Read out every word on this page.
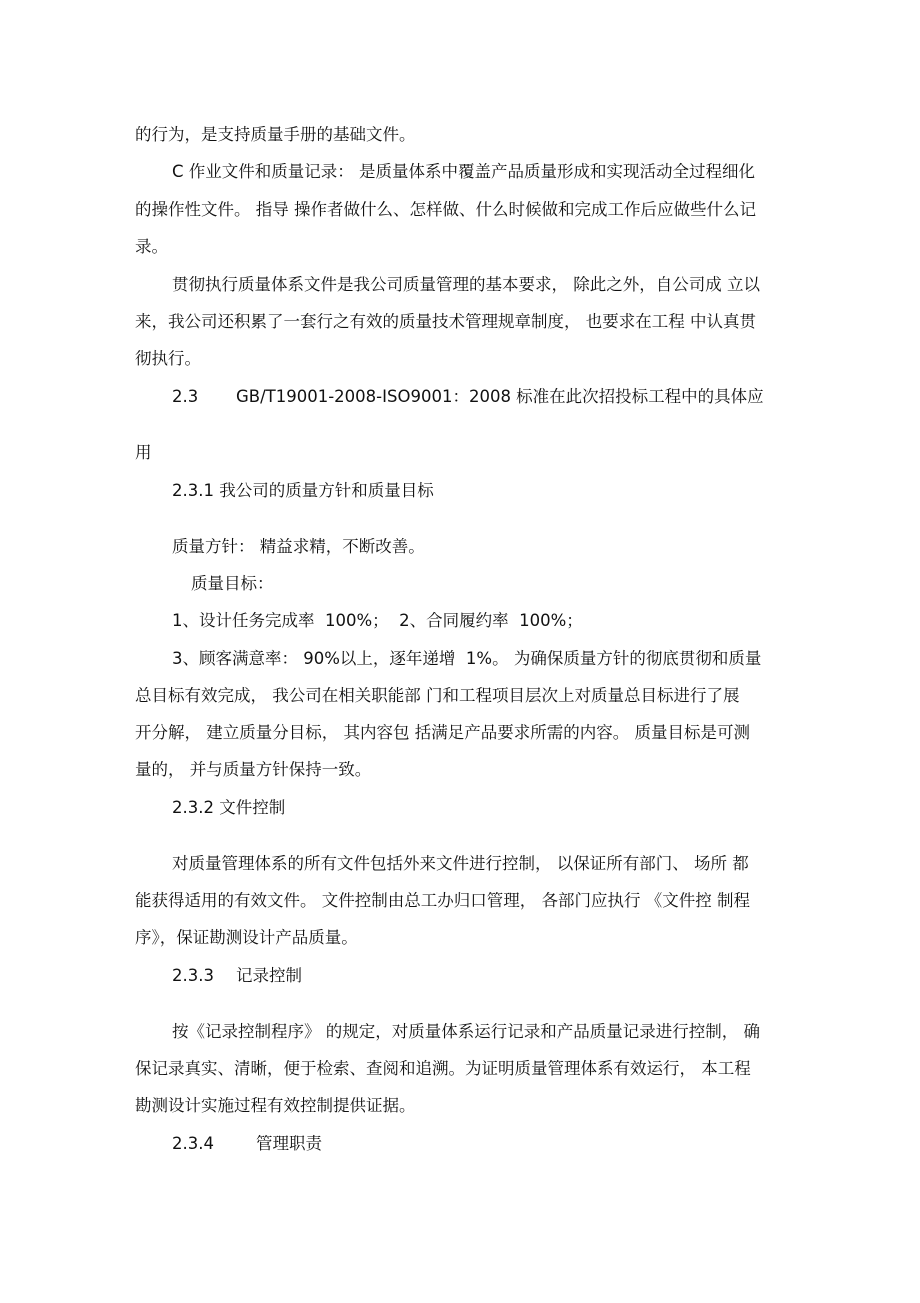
的行为，是支持质量手册的基础文件。
C 作业文件和质量记录： 是质量体系中覆盖产品质量形成和实现活动全过程细化
的操作性文件。 指导 操作者做什么、怎样做、什么时候做和完成工作后应做些什么记
录。
贯彻执行质量体系文件是我公司质量管理的基本要求， 除此之外，自公司成 立以
来，我公司还积累了一套行之有效的质量技术管理规章制度， 也要求在工程 中认真贯
彻执行。
2.3 GB/T19001-2008-ISO9001：2008 标准在此次招投标工程中的具体应
用
2.3.1 我公司的质量方针和质量目标
质量方针： 精益求精，不断改善。
质量目标：
1、设计任务完成率  100%；  2、合同履约率  100%；
3、顾客满意率： 90%以上，逐年递增  1%。 为确保质量方针的彻底贯彻和质量
总目标有效完成， 我公司在相关职能部 门和工程项目层次上对质量总目标进行了展
开分解， 建立质量分目标， 其内容包 括满足产品要求所需的内容。 质量目标是可测
量的， 并与质量方针保持一致。
2.3.2 文件控制
对质量管理体系的所有文件包括外来文件进行控制， 以保证所有部门、 场所 都
能获得适用的有效文件。 文件控制由总工办归口管理， 各部门应执行 《文件控 制程
序》，保证勘测设计产品质量。
2.3.3 记录控制
按《记录控制程序》 的规定，对质量体系运行记录和产品质量记录进行控制， 确
保记录真实、清晰，便于检索、查阅和追溯。为证明质量管理体系有效运行， 本工程
勘测设计实施过程有效控制提供证据。
2.3.4	管理职责
